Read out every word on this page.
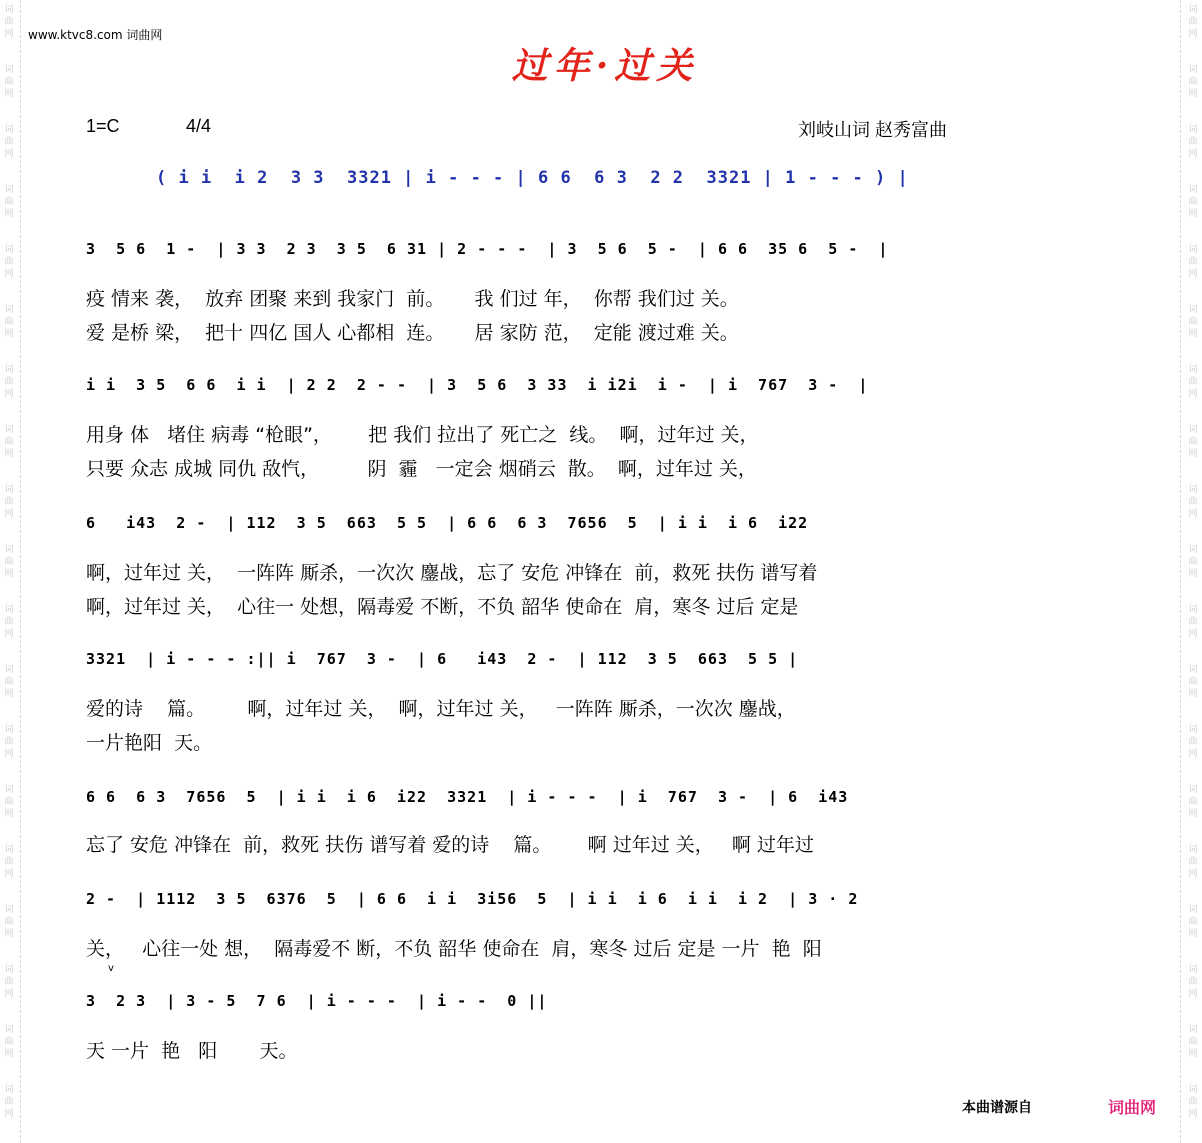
词
曲
网
词
曲
网
词
曲
网
词
曲
网
词
曲
网
词
曲
网
词
曲
网
词
曲
网
词
曲
网
词
曲
网
词
曲
网
词
曲
网
词
曲
网
词
曲
网
词
曲
网
词
曲
网
词
曲
网
词
曲
网
词
曲
网
词
曲
网
词
曲
网
词
曲
网
词
曲
网
词
曲
网
词
曲
网
词
曲
网
词
曲
网
词
曲
网
词
曲
网
词
曲
网
词
曲
网
词
曲
网
词
曲
网
词
曲
网
词
曲
网
词
曲
网
词
曲
网
词
曲
网
www.ktvc8.com 词曲网
过年·过关
1=C	4/4	刘岐山词 赵秀富曲
( i i  i 2  3 3  3321 | i - - - | 6 6  6 3  2 2  3321 | 1 - - - ) |
3  5 6  1 -  | 3 3  2 3  3 5  6 31 | 2 - - -  | 3  5 6  5 -  | 6 6  35 6  5 -  |
疫 情来 袭，  放弃 团聚 来到 我家门  前。     我 们过 年，  你帮 我们过 关。
爱 是桥 梁，  把十 四亿 国人 心都相  连。     居 家防 范，  定能 渡过难 关。
i i  3 5  6 6  i i  | 2 2  2 - -  | 3  5 6  3 33  i i2i  i -  | i  767  3 -  |
用身 体   堵住 病毒 “枪眼”，      把 我们 拉出了 死亡之  线。  啊，过年过 关，
只要 众志 成城 同仇 敌忾，        阴  霾   一定会 烟硝云  散。  啊，过年过 关，
6   i43  2 -  | 112  3 5  663  5 5  | 6 6  6 3  7656  5  | i i  i 6  i22
啊，过年过 关，  一阵阵 厮杀，一次次 鏖战，忘了 安危 冲锋在  前，救死 扶伤 谱写着
啊，过年过 关，  心往一 处想，隔毒爱 不断，不负 韶华 使命在  肩，寒冬 过后 定是
3321  | i - - - :|| i  767  3 -  | 6   i43  2 -  | 112  3 5  663  5 5 |
爱的诗    篇。       啊，过年过 关，  啊，过年过 关，   一阵阵 厮杀，一次次 鏖战，
一片艳阳  天。
6 6  6 3  7656  5  | i i  i 6  i22  3321  | i - - -  | i  767  3 -  | 6  i43
忘了 安危 冲锋在  前，救死 扶伤 谱写着 爱的诗    篇。      啊 过年过 关，   啊 过年过
2 -  | 1112  3 5  6376  5  | 6 6  i i  3i56  5  | i i  i 6  i i  i 2  | 3 · 2
关，   心往一处 想，  隔毒爱不 断，不负 韶华 使命在  肩，寒冬 过后 定是 一片  艳  阳
v
3  2 3  | 3 - 5  7 6  | i - - -  | i - -  0 ||
天 一片  艳   阳       天。
本曲谱源自	词曲网
